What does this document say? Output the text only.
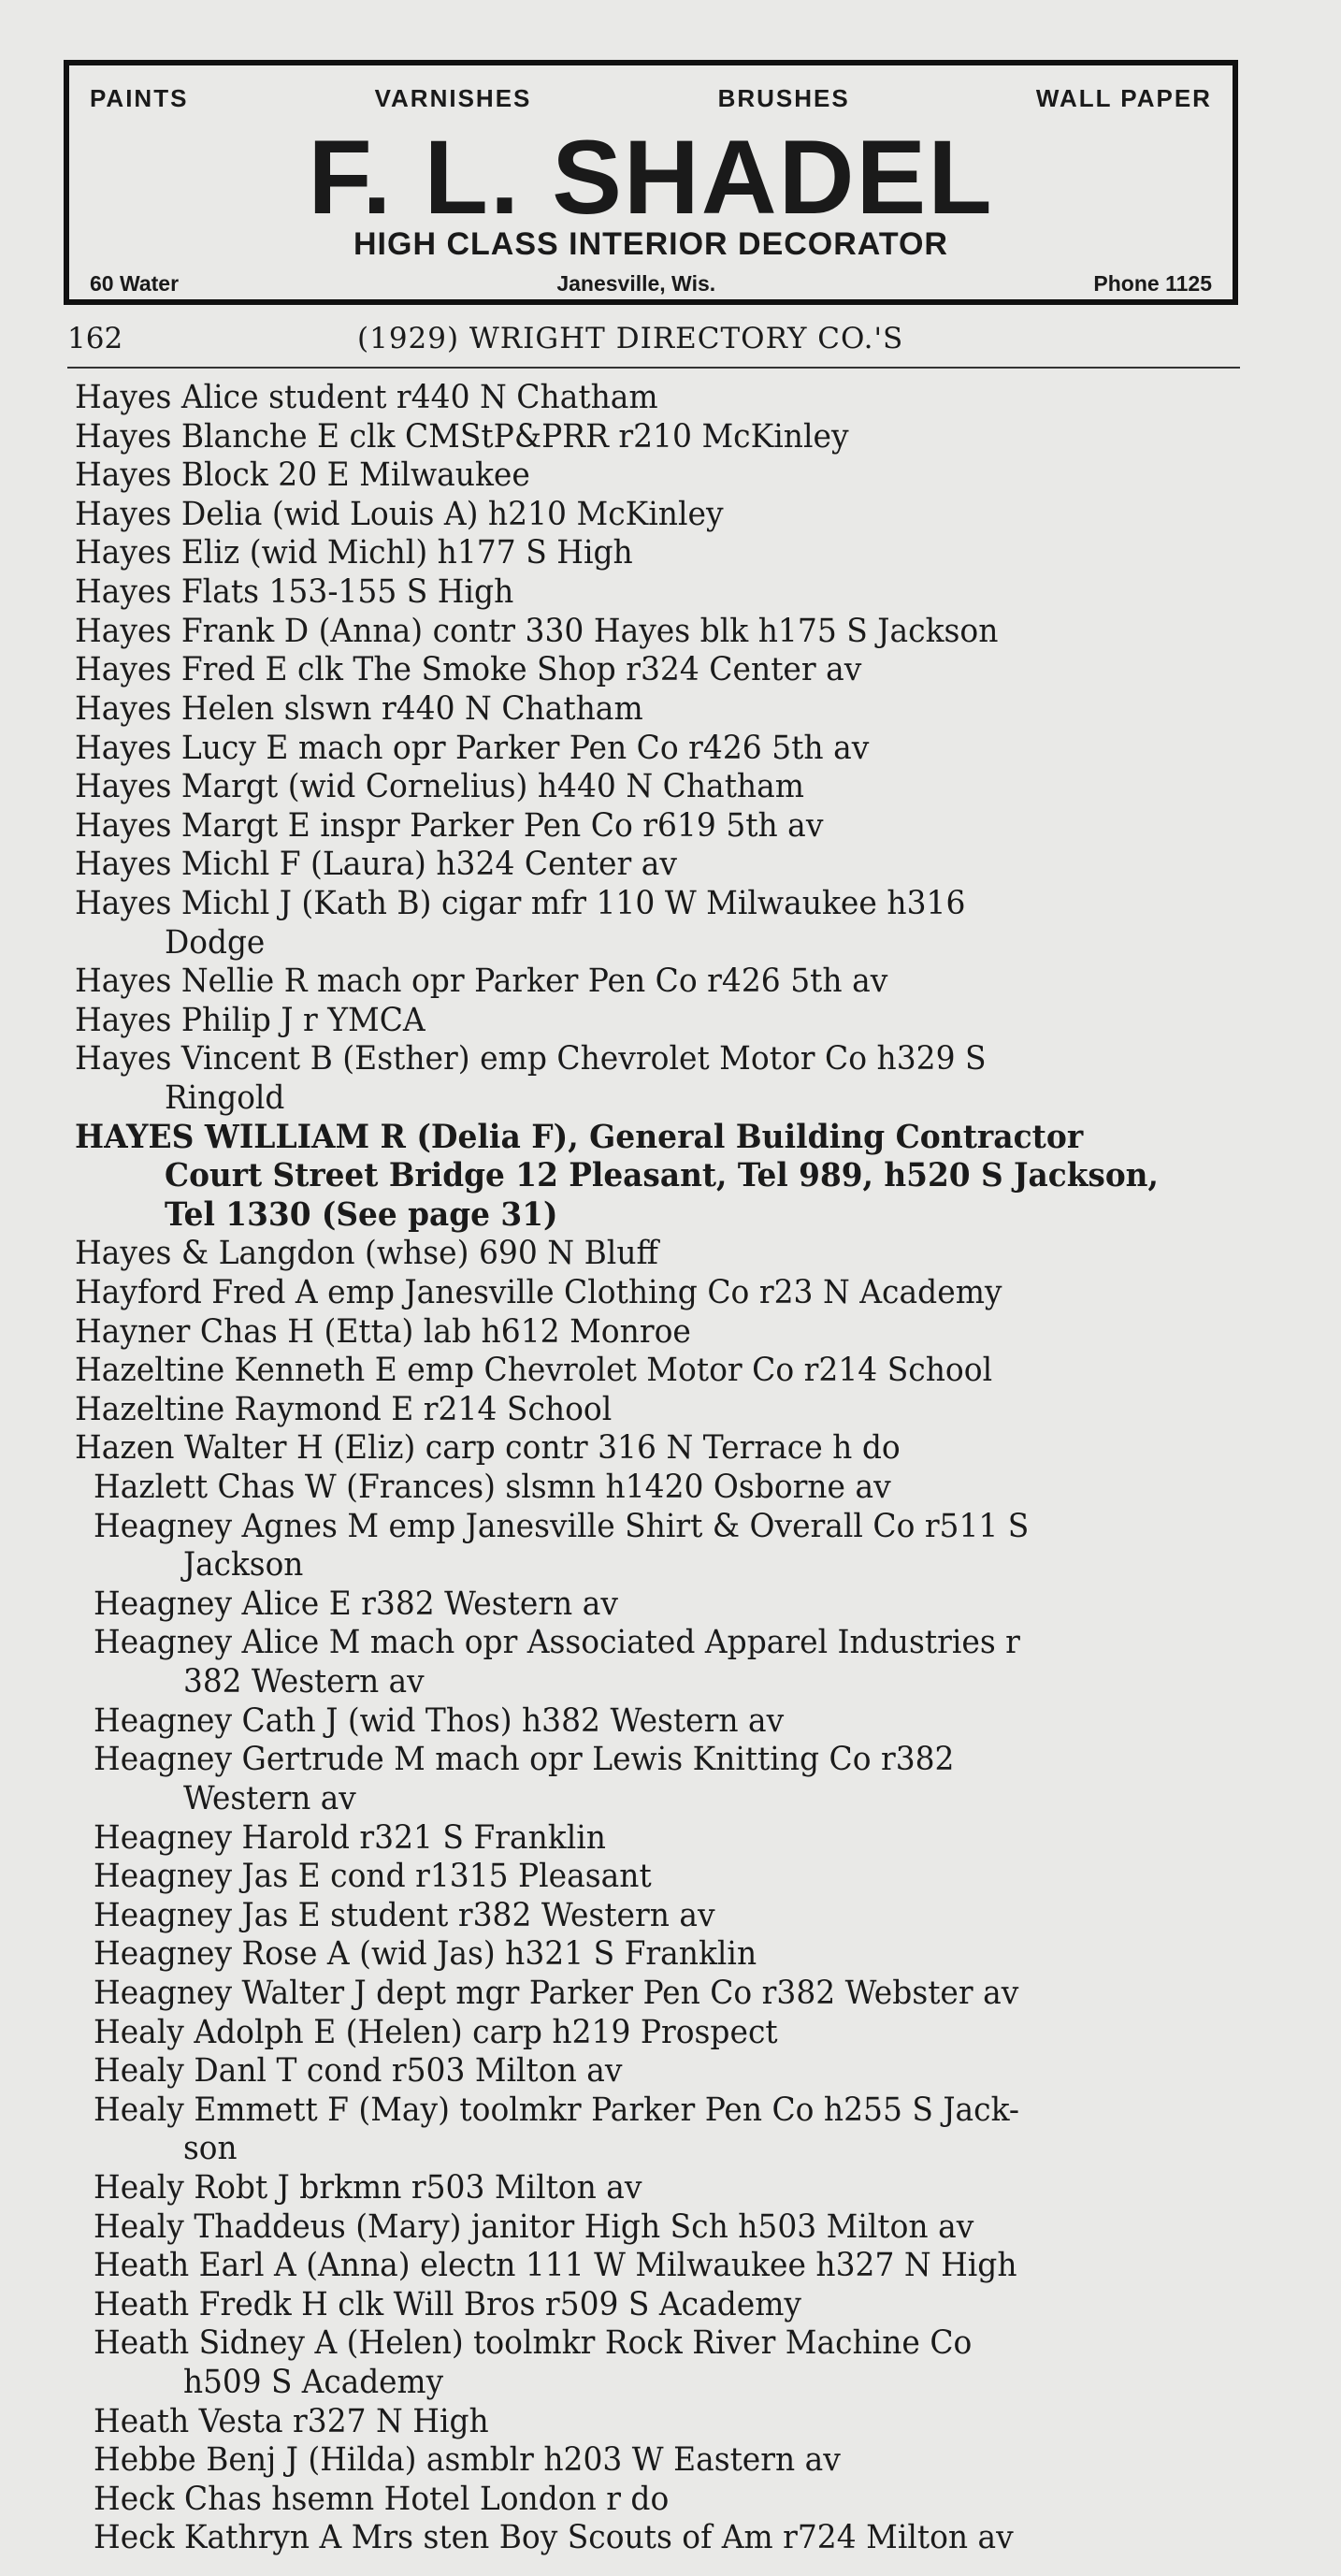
PAINTS	VARNISHES	BRUSHES	WALL PAPER
F. L. SHADEL
HIGH CLASS INTERIOR DECORATOR
60 Water	Janesville, Wis.	Phone 1125
162	(1929) WRIGHT DIRECTORY CO.'S
Hayes Alice student r440 N Chatham
Hayes Blanche E clk CMStP&PRR r210 McKinley
Hayes Block 20 E Milwaukee
Hayes Delia (wid Louis A) h210 McKinley
Hayes Eliz (wid Michl) h177 S High
Hayes Flats 153-155 S High
Hayes Frank D (Anna) contr 330 Hayes blk h175 S Jackson
Hayes Fred E clk The Smoke Shop r324 Center av
Hayes Helen slswn r440 N Chatham
Hayes Lucy E mach opr Parker Pen Co r426 5th av
Hayes Margt (wid Cornelius) h440 N Chatham
Hayes Margt E inspr Parker Pen Co r619 5th av
Hayes Michl F (Laura) h324 Center av
Hayes Michl J (Kath B) cigar mfr 110 W Milwaukee h316
Dodge
Hayes Nellie R mach opr Parker Pen Co r426 5th av
Hayes Philip J r YMCA
Hayes Vincent B (Esther) emp Chevrolet Motor Co h329 S
Ringold
HAYES WILLIAM R (Delia F), General Building Contractor
Court Street Bridge 12 Pleasant, Tel 989, h520 S Jackson,
Tel 1330 (See page 31)
Hayes & Langdon (whse) 690 N Bluff
Hayford Fred A emp Janesville Clothing Co r23 N Academy
Hayner Chas H (Etta) lab h612 Monroe
Hazeltine Kenneth E emp Chevrolet Motor Co r214 School
Hazeltine Raymond E r214 School
Hazen Walter H (Eliz) carp contr 316 N Terrace h do
Hazlett Chas W (Frances) slsmn h1420 Osborne av
Heagney Agnes M emp Janesville Shirt & Overall Co r511 S
Jackson
Heagney Alice E r382 Western av
Heagney Alice M mach opr Associated Apparel Industries r
382 Western av
Heagney Cath J (wid Thos) h382 Western av
Heagney Gertrude M mach opr Lewis Knitting Co r382
Western av
Heagney Harold r321 S Franklin
Heagney Jas E cond r1315 Pleasant
Heagney Jas E student r382 Western av
Heagney Rose A (wid Jas) h321 S Franklin
Heagney Walter J dept mgr Parker Pen Co r382 Webster av
Healy Adolph E (Helen) carp h219 Prospect
Healy Danl T cond r503 Milton av
Healy Emmett F (May) toolmkr Parker Pen Co h255 S Jack-
son
Healy Robt J brkmn r503 Milton av
Healy Thaddeus (Mary) janitor High Sch h503 Milton av
Heath Earl A (Anna) electn 111 W Milwaukee h327 N High
Heath Fredk H clk Will Bros r509 S Academy
Heath Sidney A (Helen) toolmkr Rock River Machine Co
h509 S Academy
Heath Vesta r327 N High
Hebbe Benj J (Hilda) asmblr h203 W Eastern av
Heck Chas hsemn Hotel London r do
Heck Kathryn A Mrs sten Boy Scouts of Am r724 Milton av
